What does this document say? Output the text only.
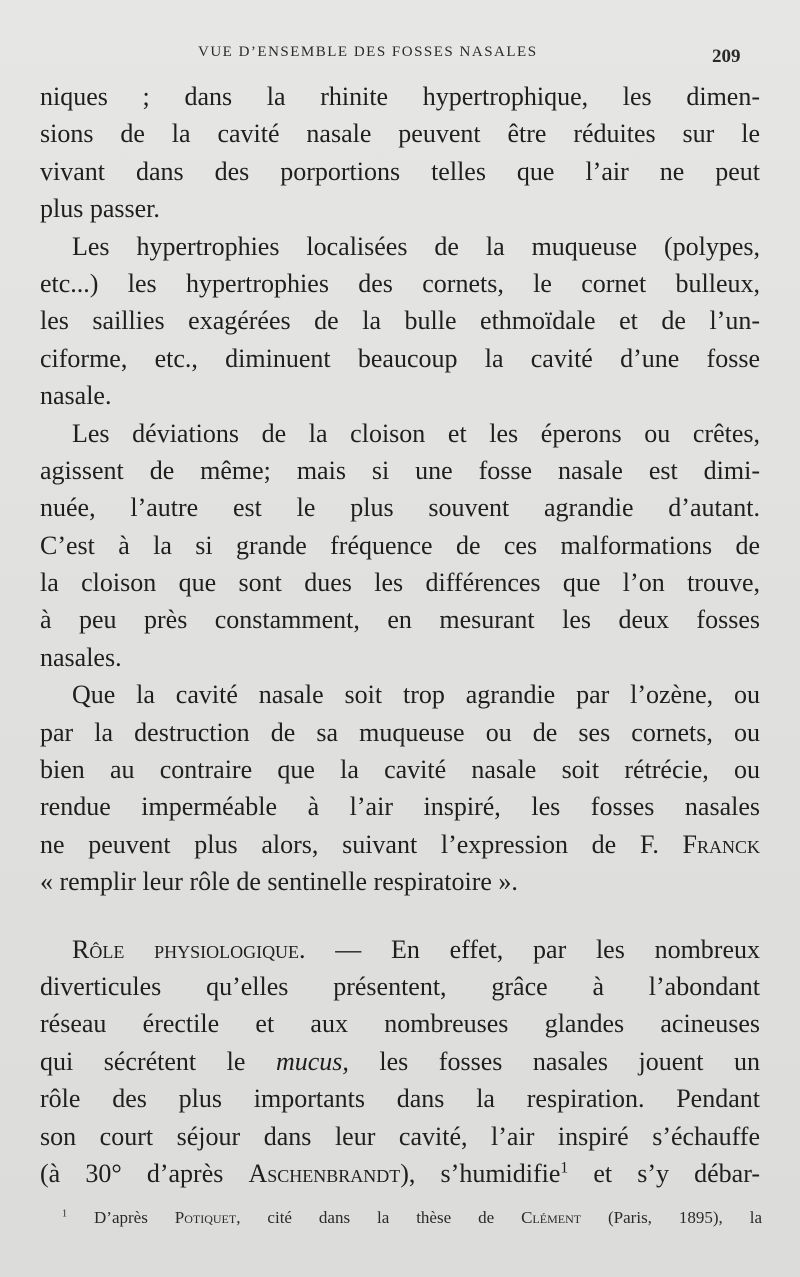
VUE D’ENSEMBLE DES FOSSES NASALES	209
niques ; dans la rhinite hypertrophique, les dimen-
sions de la cavité nasale peuvent être réduites sur le
vivant dans des porportions telles que l’air ne peut
plus passer.
Les hypertrophies localisées de la muqueuse (polypes,
etc...) les hypertrophies des cornets, le cornet bulleux,
les saillies exagérées de la bulle ethmoïdale et de l’un-
ciforme, etc., diminuent beaucoup la cavité d’une fosse
nasale.
Les déviations de la cloison et les éperons ou crêtes,
agissent de même; mais si une fosse nasale est dimi-
nuée, l’autre est le plus souvent agrandie d’autant.
C’est à la si grande fréquence de ces malformations de
la cloison que sont dues les différences que l’on trouve,
à peu près constamment, en mesurant les deux fosses
nasales.
Que la cavité nasale soit trop agrandie par l’ozène, ou
par la destruction de sa muqueuse ou de ses cornets, ou
bien au contraire que la cavité nasale soit rétrécie, ou
rendue imperméable à l’air inspiré, les fosses nasales
ne peuvent plus alors, suivant l’expression de F. Franck
« remplir leur rôle de sentinelle respiratoire ».
Rôle physiologique. — En effet, par les nombreux
diverticules qu’elles présentent, grâce à l’abondant
réseau érectile et aux nombreuses glandes acineuses
qui sécrétent le mucus, les fosses nasales jouent un
rôle des plus importants dans la respiration. Pendant
son court séjour dans leur cavité, l’air inspiré s’échauffe
(à 30° d’après Aschenbrandt), s’humidifie$^1$ et s’y débar-
$^1$ D’après Potiquet, cité dans la thèse de Clément (Paris, 1895), la
